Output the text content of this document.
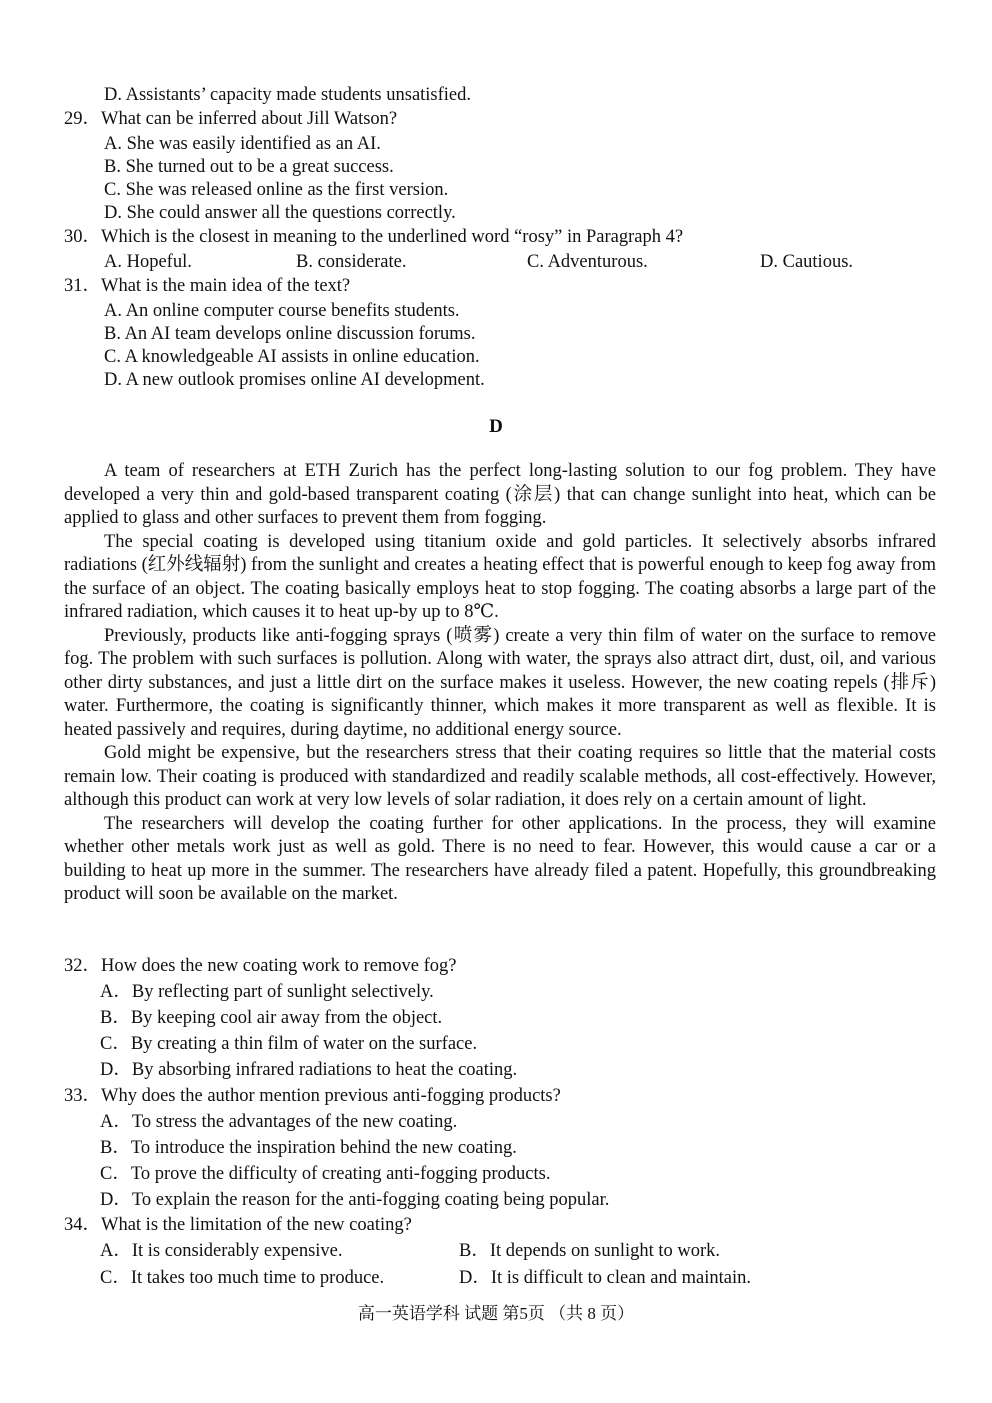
D. Assistants’ capacity made students unsatisfied.
29．What can be inferred about Jill Watson?
A. She was easily identified as an AI.
B. She turned out to be a great success.
C. She was released online as the first version.
D. She could answer all the questions correctly.
30．Which is the closest in meaning to the underlined word “rosy” in Paragraph 4?
A. Hopeful.	B. considerate.	C. Adventurous.	D. Cautious.
31．What is the main idea of the text?
A. An online computer course benefits students.
B. An AI team develops online discussion forums.
C. A knowledgeable AI assists in online education.
D. A new outlook promises online AI development.
D

A team of researchers at ETH Zurich has the perfect long-lasting solution to our fog problem. They have developed a very thin and gold-based transparent coating (涂层) that can change sunlight into heat, which can be applied to glass and other surfaces to prevent them from fogging.

The special coating is developed using titanium oxide and gold particles. It selectively absorbs infrared radiations (红外线辐射) from the sunlight and creates a heating effect that is powerful enough to keep fog away from the surface of an object. The coating basically employs heat to stop fogging. The coating absorbs a large part of the infrared radiation, which causes it to heat up-by up to 8℃.

Previously, products like anti-fogging sprays (喷雾) create a very thin film of water on the surface to remove fog. The problem with such surfaces is pollution. Along with water, the sprays also attract dirt, dust, oil, and various other dirty substances, and just a little dirt on the surface makes it useless. However, the new coating repels (排斥) water. Furthermore, the coating is significantly thinner, which makes it more transparent as well as flexible. It is heated passively and requires, during daytime, no additional energy source.

Gold might be expensive, but the researchers stress that their coating requires so little that the material costs remain low. Their coating is produced with standardized and readily scalable methods, all cost-effectively. However, although this product can work at very low levels of solar radiation, it does rely on a certain amount of light.

The researchers will develop the coating further for other applications. In the process, they will examine whether other metals work just as well as gold. There is no need to fear. However, this would cause a car or a building to heat up more in the summer. The researchers have already filed a patent. Hopefully, this groundbreaking product will soon be available on the market.

32．How does the new coating work to remove fog?
A．By reflecting part of sunlight selectively.
B．By keeping cool air away from the object.
C．By creating a thin film of water on the surface.
D．By absorbing infrared radiations to heat the coating.
33．Why does the author mention previous anti-fogging products?
A．To stress the advantages of the new coating.
B．To introduce the inspiration behind the new coating.
C．To prove the difficulty of creating anti-fogging products.
D．To explain the reason for the anti-fogging coating being popular.
34．What is the limitation of the new coating?
A．It is considerably expensive.	B．It depends on sunlight to work.
C．It takes too much time to produce.	D．It is difficult to clean and maintain.
高一英语学科 试题 第5页 （共 8 页）
